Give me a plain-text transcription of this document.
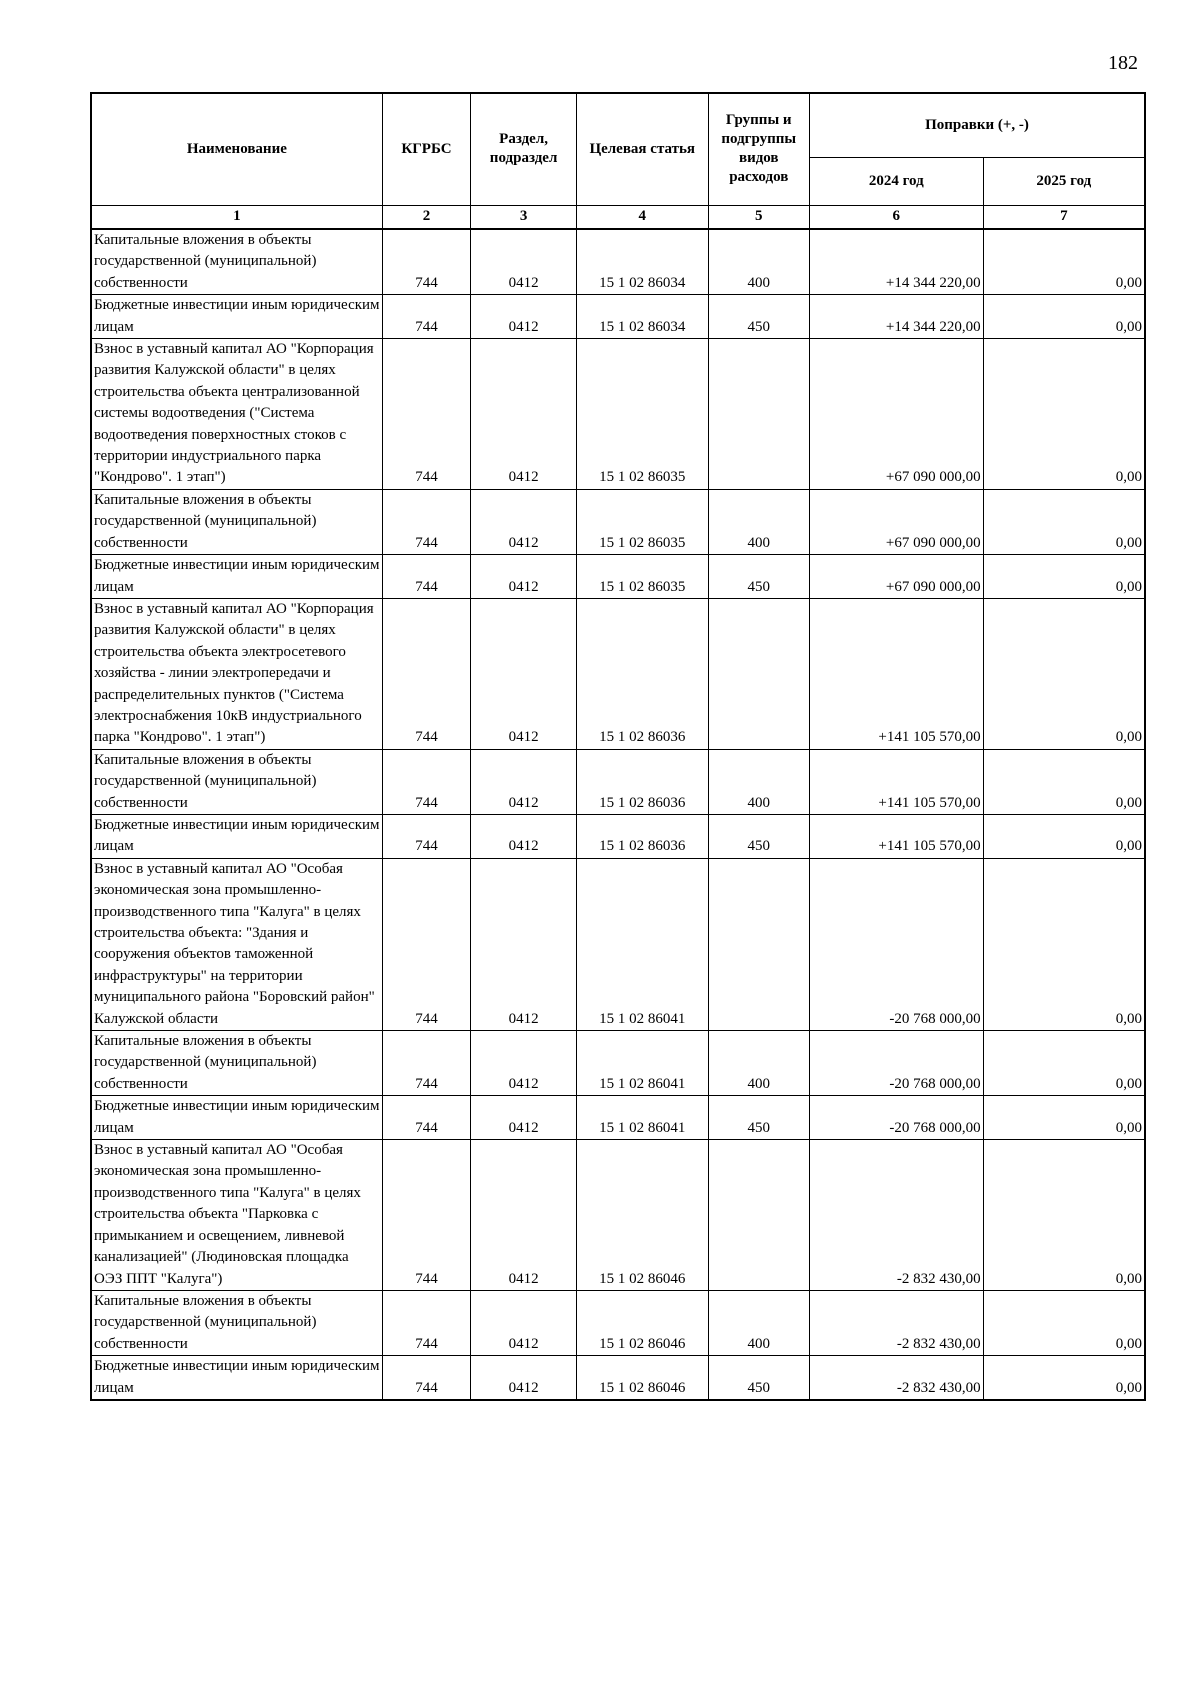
182
Наименование	КГРБС	Раздел, подраздел	Целевая статья	Группы и подгруппы видов расходов	Поправки (+, -)	
					2024 год	2025 год
1	2	3	4	5	6	7
Капитальные вложения в объекты государственной (муниципальной) собственности	744	0412	15 1 02 86034	400	+14 344 220,00	0,00
Бюджетные инвестиции иным юридическим лицам	744	0412	15 1 02 86034	450	+14 344 220,00	0,00
Взнос в уставный капитал АО "Корпорация развития Калужской области" в целях строительства объекта централизованной системы водоотведения ("Система водоотведения поверхностных стоков с территории индустриального парка "Кондрово". 1 этап")	744	0412	15 1 02 86035		+67 090 000,00	0,00
Капитальные вложения в объекты государственной (муниципальной) собственности	744	0412	15 1 02 86035	400	+67 090 000,00	0,00
Бюджетные инвестиции иным юридическим лицам	744	0412	15 1 02 86035	450	+67 090 000,00	0,00
Взнос в уставный капитал АО "Корпорация развития Калужской области" в целях строительства объекта электросетевого хозяйства - линии электропередачи и распределительных пунктов ("Система электроснабжения 10кВ индустриального парка "Кондрово". 1 этап")	744	0412	15 1 02 86036		+141 105 570,00	0,00
Капитальные вложения в объекты государственной (муниципальной) собственности	744	0412	15 1 02 86036	400	+141 105 570,00	0,00
Бюджетные инвестиции иным юридическим лицам	744	0412	15 1 02 86036	450	+141 105 570,00	0,00
Взнос в уставный капитал АО "Особая экономическая зона промышленно-производственного типа "Калуга" в целях строительства объекта: "Здания и сооружения объектов таможенной инфраструктуры" на территории муниципального района "Боровский район" Калужской области	744	0412	15 1 02 86041		-20 768 000,00	0,00
Капитальные вложения в объекты государственной (муниципальной) собственности	744	0412	15 1 02 86041	400	-20 768 000,00	0,00
Бюджетные инвестиции иным юридическим лицам	744	0412	15 1 02 86041	450	-20 768 000,00	0,00
Взнос в уставный капитал АО "Особая экономическая зона промышленно-производственного типа "Калуга" в целях строительства объекта "Парковка с примыканием и освещением, ливневой канализацией" (Людиновская площадка ОЭЗ ППТ "Калуга")	744	0412	15 1 02 86046		-2 832 430,00	0,00
Капитальные вложения в объекты государственной (муниципальной) собственности	744	0412	15 1 02 86046	400	-2 832 430,00	0,00
Бюджетные инвестиции иным юридическим лицам	744	0412	15 1 02 86046	450	-2 832 430,00	0,00
